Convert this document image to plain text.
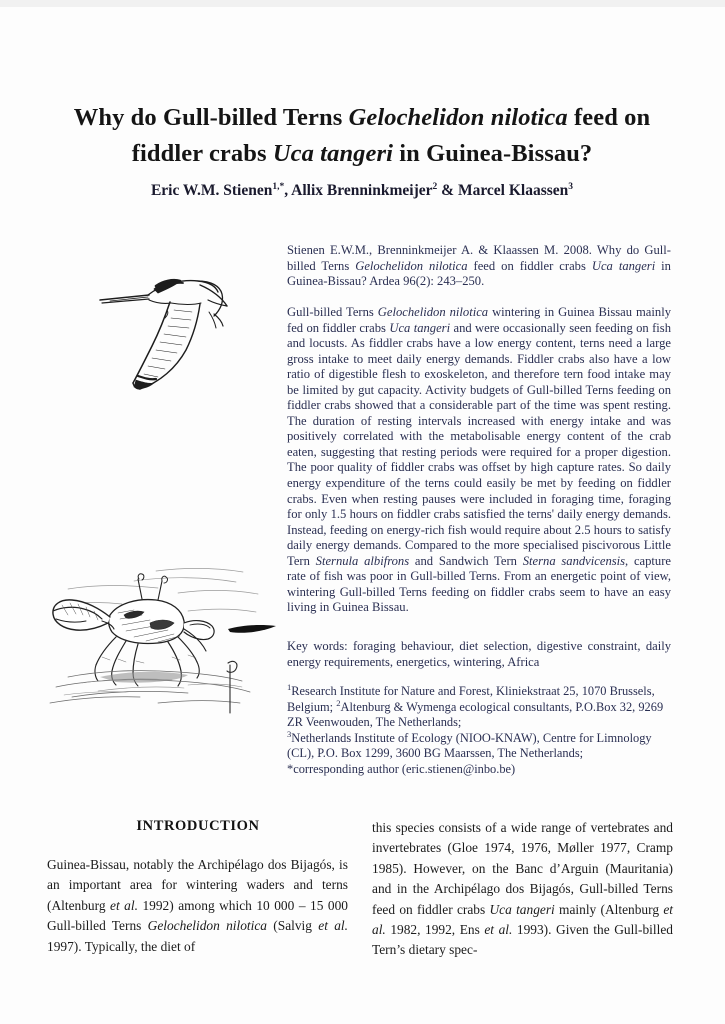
Why do Gull-billed Terns Gelochelidon nilotica feed on
fiddler crabs Uca tangeri in Guinea-Bissau?
Eric W.M. Stienen$^{1,*}$, Allix Brenninkmeijer$^2$ & Marcel Klaassen$^3$
Stienen E.W.M., Brenninkmeijer A. & Klaassen M. 2008. Why do Gull-billed Terns Gelochelidon nilotica feed on fiddler crabs Uca tangeri in Guinea-Bissau? Ardea 96(2): 243–250.
Gull-billed Terns Gelochelidon nilotica wintering in Guinea Bissau mainly fed on fiddler crabs Uca tangeri and were occasionally seen feeding on fish and locusts. As fiddler crabs have a low energy content, terns need a large gross intake to meet daily energy demands. Fiddler crabs also have a low ratio of digestible flesh to exoskeleton, and therefore tern food intake may be limited by gut capacity. Activity budgets of Gull-billed Terns feeding on fiddler crabs showed that a considerable part of the time was spent resting. The duration of resting intervals increased with energy intake and was positively correlated with the metabolisable energy content of the crab eaten, suggesting that resting periods were required for a proper digestion. The poor quality of fiddler crabs was offset by high capture rates. So daily energy expenditure of the terns could easily be met by feeding on fiddler crabs. Even when resting pauses were included in foraging time, foraging for only 1.5 hours on fiddler crabs satisfied the terns' daily energy demands. Instead, feeding on energy-rich fish would require about 2.5 hours to satisfy daily energy demands. Compared to the more specialised piscivorous Little Tern Sternula albifrons and Sandwich Tern Sterna sandvicensis, capture rate of fish was poor in Gull-billed Terns. From an energetic point of view, wintering Gull-billed Terns feeding on fiddler crabs seem to have an easy living in Guinea Bissau.
Key words: foraging behaviour, diet selection, digestive constraint, daily energy requirements, energetics, wintering, Africa
$^1$Research Institute for Nature and Forest, Kliniekstraat 25, 1070 Brussels, Belgium; $^2$Altenburg & Wymenga ecological consultants, P.O.Box 32, 9269 ZR Veenwouden, The Netherlands;
$^3$Netherlands Institute of Ecology (NIOO-KNAW), Centre for Limnology (CL), P.O. Box 1299, 3600 BG Maarssen, The Netherlands;
*corresponding author (eric.stienen@inbo.be)
INTRODUCTION
Guinea-Bissau, notably the Archipélago dos Bijagós, is an important area for wintering waders and terns (Altenburg et al. 1992) among which 10 000 – 15 000 Gull-billed Terns Gelochelidon nilotica (Salvig et al. 1997). Typically, the diet of
this species consists of a wide range of vertebrates and invertebrates (Gloe 1974, 1976, Møller 1977, Cramp 1985). However, on the Banc d’Arguin (Mauritania) and in the Archipélago dos Bijagós, Gull-billed Terns feed on fiddler crabs Uca tangeri mainly (Altenburg et al. 1982, 1992, Ens et al. 1993). Given the Gull-billed Tern’s dietary spec-
